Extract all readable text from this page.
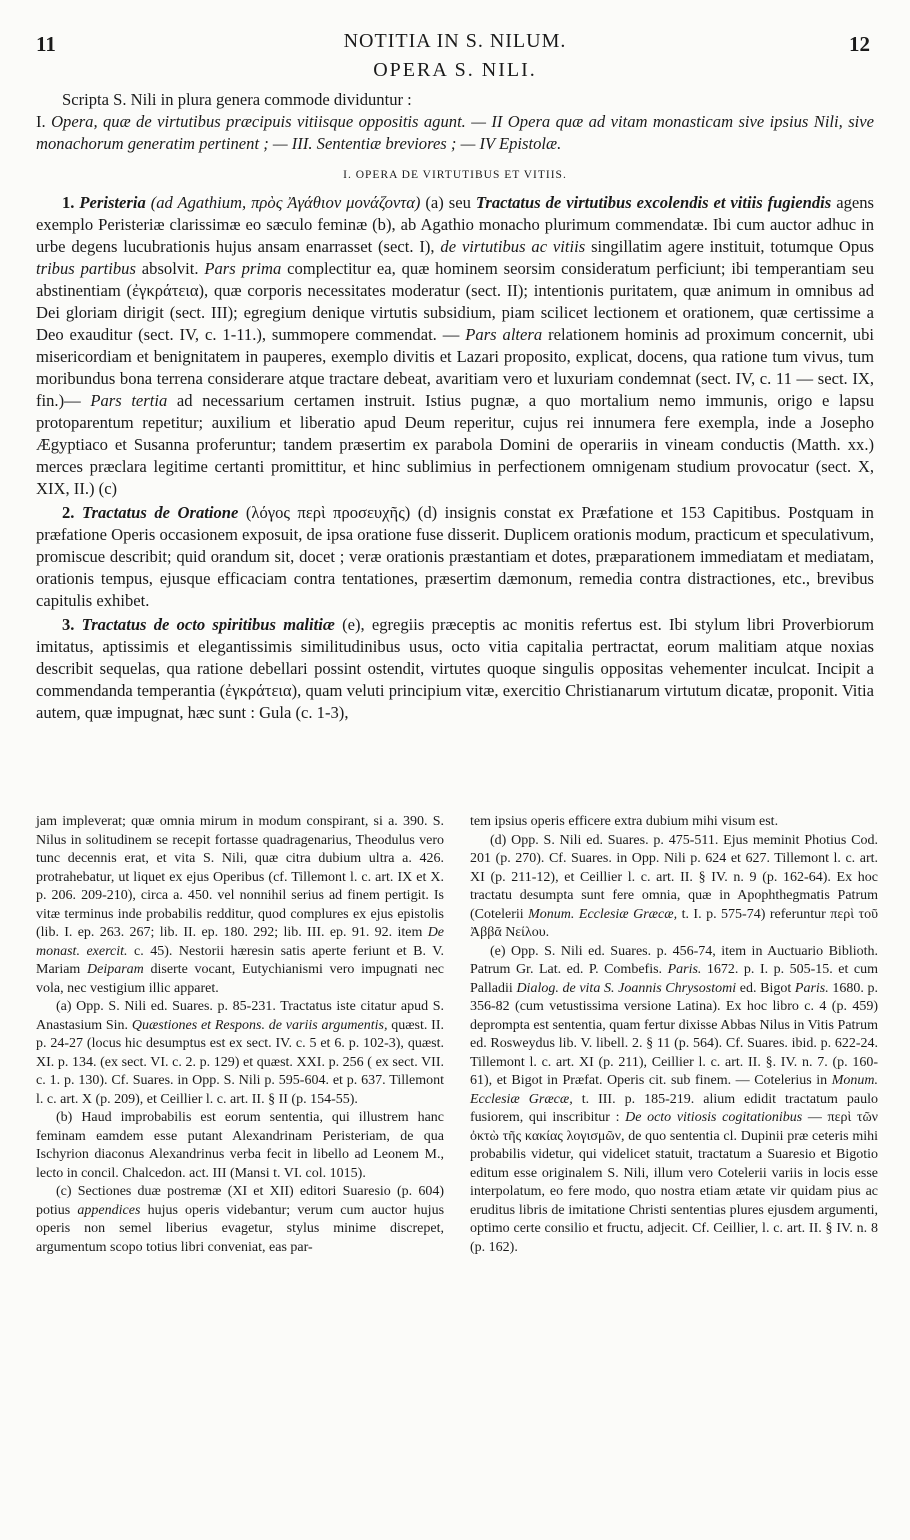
11	NOTITIA IN S. NILUM.	12
OPERA S. NILI.

Scripta S. Nili in plura genera commode dividuntur :

I. Opera, quæ de virtutibus præcipuis vitiisque oppositis agunt. — II Opera quæ ad vitam monasticam sive ipsius Nili, sive monachorum generatim pertinent ; — III. Sententiæ breviores ; — IV Epistolæ.

I. OPERA DE VIRTUTIBUS ET VITIIS.

1. Peristeria (ad Agathium, πρὸς Ἀγάθιον μονάζοντα) (a) seu Tractatus de virtutibus excolendis et vitiis fugiendis agens exemplo Peristeriæ clarissimæ eo sæculo feminæ (b), ab Agathio monacho plurimum commendatæ. Ibi cum auctor adhuc in urbe degens lucubrationis hujus ansam enarrasset (sect. I), de virtutibus ac vitiis singillatim agere instituit, totumque Opus tribus partibus absolvit. Pars prima complectitur ea, quæ hominem seorsim consideratum perficiunt; ibi temperantiam seu abstinentiam (ἐγκράτεια), quæ corporis necessitates moderatur (sect. II); intentionis puritatem, quæ animum in omnibus ad Dei gloriam dirigit (sect. III); egregium denique virtutis subsidium, piam scilicet lectionem et orationem, quæ certissime a Deo exauditur (sect. IV, c. 1-11.), summopere commendat. — Pars altera relationem hominis ad proximum concernit, ubi misericordiam et benignitatem in pauperes, exemplo divitis et Lazari proposito, explicat, docens, qua ratione tum vivus, tum moribundus bona terrena considerare atque tractare debeat, avaritiam vero et luxuriam condemnat (sect. IV, c. 11 — sect. IX, fin.)— Pars tertia ad necessarium certamen instruit. Istius pugnæ, a quo mortalium nemo immunis, origo e lapsu protoparentum repetitur; auxilium et liberatio apud Deum reperitur, cujus rei innumera fere exempla, inde a Josepho Ægyptiaco et Susanna proferuntur; tandem præsertim ex parabola Domini de operariis in vineam conductis (Matth. xx.) merces præclara legitime certanti promittitur, et hinc sublimius in perfectionem omnigenam studium provocatur (sect. X, XIX, II.) (c)

2. Tractatus de Oratione (λόγος περὶ προσευχῆς) (d) insignis constat ex Præfatione et 153 Capitibus. Postquam in præfatione Operis occasionem exposuit, de ipsa oratione fuse disserit. Duplicem orationis modum, practicum et speculativum, promiscue describit; quid orandum sit, docet ; veræ orationis præstantiam et dotes, præparationem immediatam et mediatam, orationis tempus, ejusque efficaciam contra tentationes, præsertim dæmonum, remedia contra distractiones, etc., brevibus capitulis exhibet.

3. Tractatus de octo spiritibus malitiæ (e), egregiis præceptis ac monitis refertus est. Ibi stylum libri Proverbiorum imitatus, aptissimis et elegantissimis similitudinibus usus, octo vitia capitalia pertractat, eorum malitiam atque noxias describit sequelas, qua ratione debellari possint ostendit, virtutes quoque singulis oppositas vehementer inculcat. Incipit a commendanda temperantia (ἐγκράτεια), quam veluti principium vitæ, exercitio Christianarum virtutum dicatæ, proponit. Vitia autem, quæ impugnat, hæc sunt : Gula (c. 1-3),

jam impleverat; quæ omnia mirum in modum conspirant, si a. 390. S. Nilus in solitudinem se recepit fortasse quadragenarius, Theodulus vero tunc decennis erat, et vita S. Nili, quæ citra dubium ultra a. 426. protrahebatur, ut liquet ex ejus Operibus (cf. Tillemont l. c. art. IX et X. p. 206. 209-210), circa a. 450. vel nonnihil serius ad finem pertigit. Is vitæ terminus inde probabilis redditur, quod complures ex ejus epistolis (lib. I. ep. 263. 267; lib. II. ep. 180. 292; lib. III. ep. 91. 92. item De monast. exercit. c. 45). Nestorii hæresin satis aperte feriunt et B. V. Mariam Deiparam diserte vocant, Eutychianismi vero impugnati nec vola, nec vestigium illic apparet.

(a) Opp. S. Nili ed. Suares. p. 85-231. Tractatus iste citatur apud S. Anastasium Sin. Quæstiones et Respons. de variis argumentis, quæst. II. p. 24-27 (locus hic desumptus est ex sect. IV. c. 5 et 6. p. 102-3), quæst. XI. p. 134. (ex sect. VI. c. 2. p. 129) et quæst. XXI. p. 256 ( ex sect. VII. c. 1. p. 130). Cf. Suares. in Opp. S. Nili p. 595-604. et p. 637. Tillemont l. c. art. X (p. 209), et Ceillier l. c. art. II. § II (p. 154-55).

(b) Haud improbabilis est eorum sententia, qui illustrem hanc feminam eamdem esse putant Alexandrinam Peristeriam, de qua Ischyrion diaconus Alexandrinus verba fecit in libello ad Leonem M., lecto in concil. Chalcedon. act. III (Mansi t. VI. col. 1015).

(c) Sectiones duæ postremæ (XI et XII) editori Suaresio (p. 604) potius appendices hujus operis videbantur; verum cum auctor hujus operis non semel liberius evagetur, stylus minime discrepet, argumentum scopo totius libri conveniat, eas par-

tem ipsius operis efficere extra dubium mihi visum est.

(d) Opp. S. Nili ed. Suares. p. 475-511. Ejus meminit Photius Cod. 201 (p. 270). Cf. Suares. in Opp. Nili p. 624 et 627. Tillemont l. c. art. XI (p. 211-12), et Ceillier l. c. art. II. § IV. n. 9 (p. 162-64). Ex hoc tractatu desumpta sunt fere omnia, quæ in Apophthegmatis Patrum (Cotelerii Monum. Ecclesiæ Græcæ, t. I. p. 575-74) referuntur περὶ τοῦ Ἀββᾶ Νείλου.

(e) Opp. S. Nili ed. Suares. p. 456-74, item in Auctuario Biblioth. Patrum Gr. Lat. ed. P. Combefis. Paris. 1672. p. I. p. 505-15. et cum Palladii Dialog. de vita S. Joannis Chrysostomi ed. Bigot Paris. 1680. p. 356-82 (cum vetustissima versione Latina). Ex hoc libro c. 4 (p. 459) deprompta est sententia, quam fertur dixisse Abbas Nilus in Vitis Patrum ed. Rosweydus lib. V. libell. 2. § 11 (p. 564). Cf. Suares. ibid. p. 622-24. Tillemont l. c. art. XI (p. 211), Ceillier l. c. art. II. §. IV. n. 7. (p. 160-61), et Bigot in Præfat. Operis cit. sub finem. — Cotelerius in Monum. Ecclesiæ Græcæ, t. III. p. 185-219. alium edidit tractatum paulo fusiorem, qui inscribitur : De octo vitiosis cogitationibus — περὶ τῶν ὀκτὼ τῆς κακίας λογισμῶν, de quo sententia cl. Dupinii præ ceteris mihi probabilis videtur, qui videlicet statuit, tractatum a Suaresio et Bigotio editum esse originalem S. Nili, illum vero Cotelerii variis in locis esse interpolatum, eo fere modo, quo nostra etiam ætate vir quidam pius ac eruditus libris de imitatione Christi sententias plures ejusdem argumenti, optimo certe consilio et fructu, adjecit. Cf. Ceillier, l. c. art. II. § IV. n. 8 (p. 162).
